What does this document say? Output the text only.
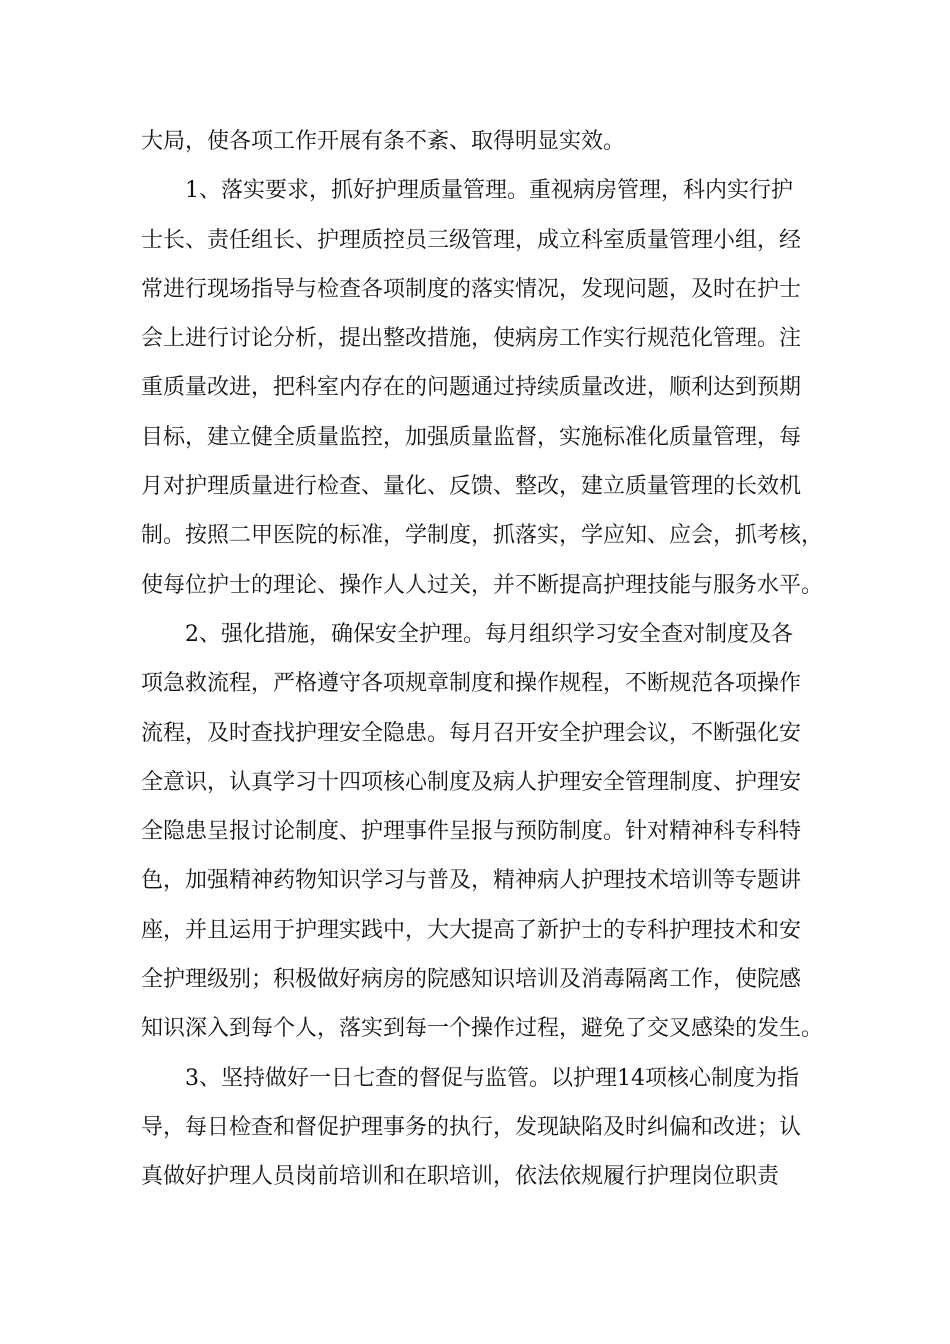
大局，使各项工作开展有条不紊、取得明显实效。
1、落实要求，抓好护理质量管理。重视病房管理，科内实行护
士长、责任组长、护理质控员三级管理，成立科室质量管理小组，经
常进行现场指导与检查各项制度的落实情况，发现问题，及时在护士
会上进行讨论分析，提出整改措施，使病房工作实行规范化管理。注
重质量改进，把科室内存在的问题通过持续质量改进，顺利达到预期
目标，建立健全质量监控，加强质量监督，实施标准化质量管理，每
月对护理质量进行检查、量化、反馈、整改，建立质量管理的长效机
制。按照二甲医院的标准，学制度，抓落实，学应知、应会，抓考核，
使每位护士的理论、操作人人过关，并不断提高护理技能与服务水平。
2、强化措施，确保安全护理。每月组织学习安全查对制度及各
项急救流程，严格遵守各项规章制度和操作规程，不断规范各项操作
流程，及时查找护理安全隐患。每月召开安全护理会议，不断强化安
全意识，认真学习十四项核心制度及病人护理安全管理制度、护理安
全隐患呈报讨论制度、护理事件呈报与预防制度。针对精神科专科特
色，加强精神药物知识学习与普及，精神病人护理技术培训等专题讲
座，并且运用于护理实践中，大大提高了新护士的专科护理技术和安
全护理级别；积极做好病房的院感知识培训及消毒隔离工作，使院感
知识深入到每个人，落实到每一个操作过程，避免了交叉感染的发生。
3、坚持做好一日七查的督促与监管。以护理14项核心制度为指
导，每日检查和督促护理事务的执行，发现缺陷及时纠偏和改进；认
真做好护理人员岗前培训和在职培训，依法依规履行护理岗位职责
